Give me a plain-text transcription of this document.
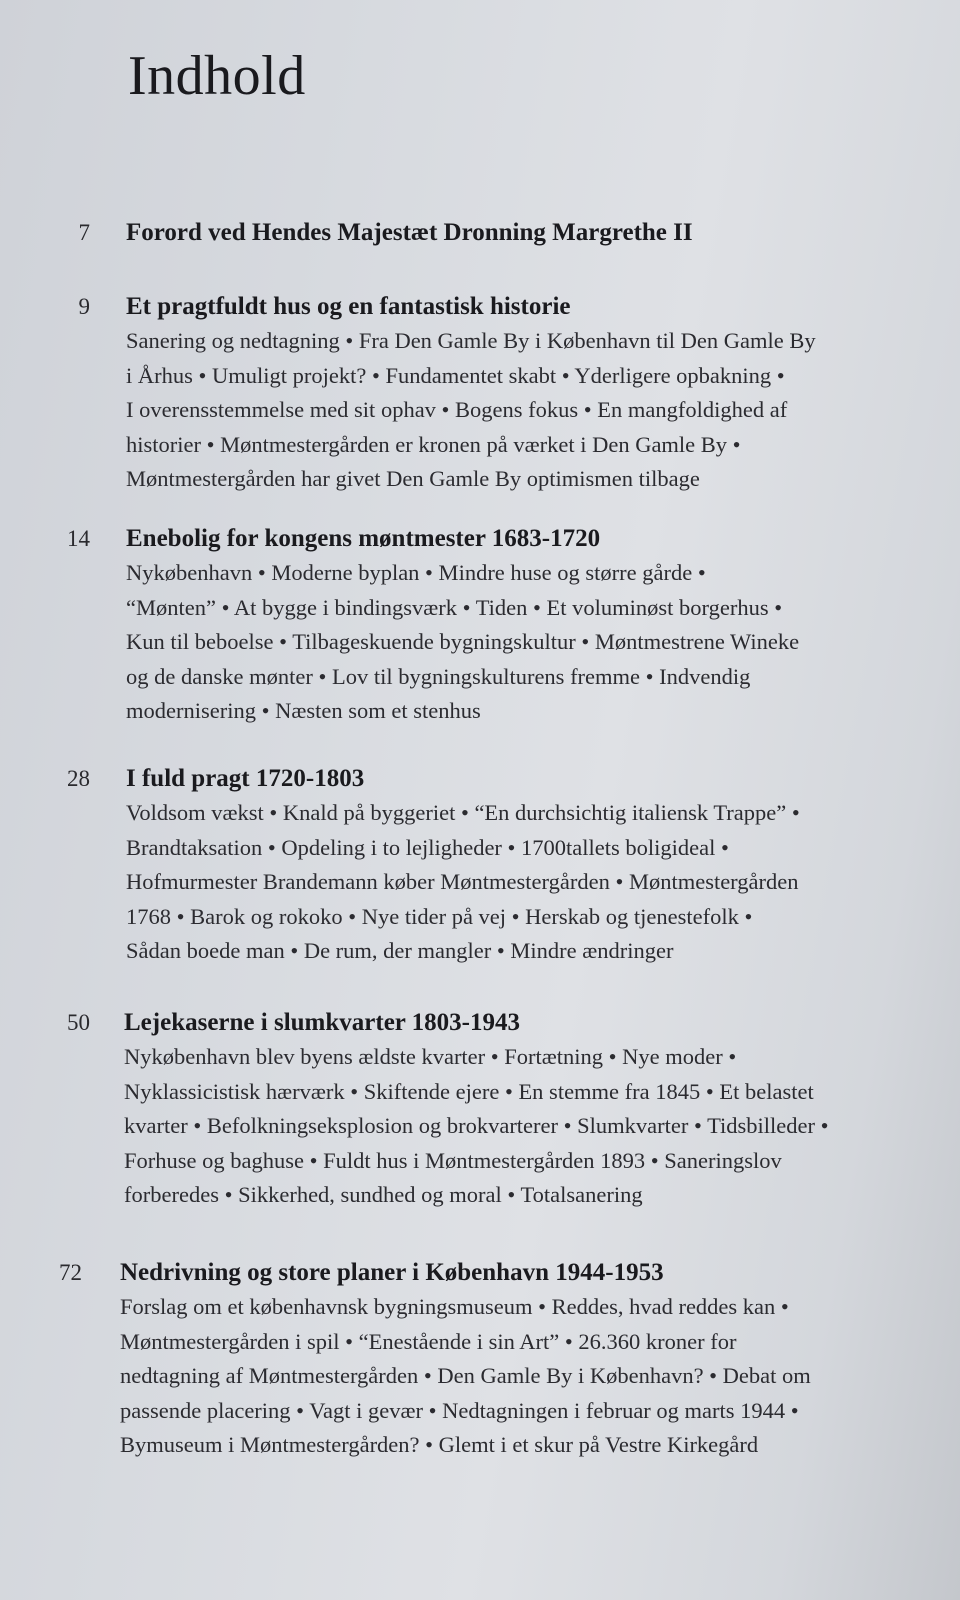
Indhold
7 Forord ved Hendes Majestæt Dronning Margrethe II

9 Et pragtfuldt hus og en fantastisk historie

Sanering og nedtagning • Fra Den Gamle By i København til Den Gamle By
i Århus • Umuligt projekt? • Fundamentet skabt • Yderligere opbakning •
I overensstemmelse med sit ophav • Bogens fokus • En mangfoldighed af
historier • Møntmestergården er kronen på værket i Den Gamle By •
Møntmestergården har givet Den Gamle By optimismen tilbage

14 Enebolig for kongens møntmester 1683-1720

Nykøbenhavn • Moderne byplan • Mindre huse og større gårde •
“Mønten” • At bygge i bindingsværk • Tiden • Et voluminøst borgerhus •
Kun til beboelse • Tilbageskuende bygningskultur • Møntmestrene Wineke
og de danske mønter • Lov til bygningskulturens fremme • Indvendig
modernisering • Næsten som et stenhus

28 I fuld pragt 1720-1803

Voldsom vækst • Knald på byggeriet • “En durchsichtig italiensk Trappe” •
Brandtaksation • Opdeling i to lejligheder • 1700tallets boligideal •
Hofmurmester Brandemann køber Møntmestergården • Møntmestergården
1768 • Barok og rokoko • Nye tider på vej • Herskab og tjenestefolk •
Sådan boede man • De rum, der mangler • Mindre ændringer

50 Lejekaserne i slumkvarter 1803-1943

Nykøbenhavn blev byens ældste kvarter • Fortætning • Nye moder •
Nyklassicistisk hærværk • Skiftende ejere • En stemme fra 1845 • Et belastet
kvarter • Befolkningseksplosion og brokvarterer • Slumkvarter • Tidsbilleder •
Forhuse og baghuse • Fuldt hus i Møntmestergården 1893 • Saneringslov
forberedes • Sikkerhed, sundhed og moral • Totalsanering

72 Nedrivning og store planer i København 1944-1953

Forslag om et københavnsk bygningsmuseum • Reddes, hvad reddes kan •
Møntmestergården i spil • “Enestående i sin Art” • 26.360 kroner for
nedtagning af Møntmestergården • Den Gamle By i København? • Debat om
passende placering • Vagt i gevær • Nedtagningen i februar og marts 1944 •
Bymuseum i Møntmestergården? • Glemt i et skur på Vestre Kirkegård
